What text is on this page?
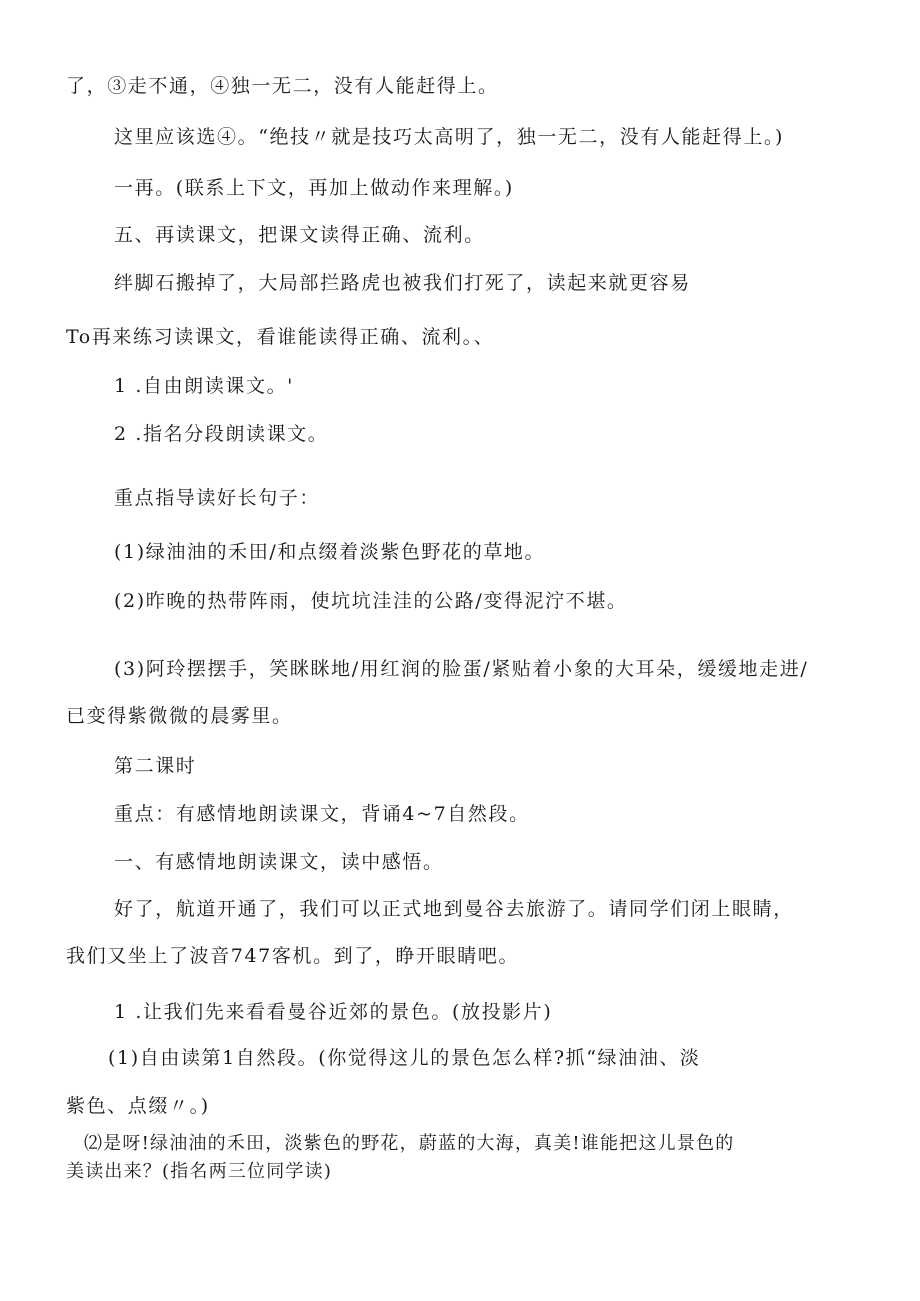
了，③走不通，④独一无二，没有人能赶得上。
这里应该选④。“绝技〃就是技巧太高明了，独一无二，没有人能赶得上。)
一再。(联系上下文，再加上做动作来理解。)
五、再读课文，把课文读得正确、流利。
绊脚石搬掉了，大局部拦路虎也被我们打死了，读起来就更容易
To再来练习读课文，看谁能读得正确、流利。、
1 .自由朗读课文。'
2 .指名分段朗读课文。
重点指导读好长句子：
(1)绿油油的禾田/和点缀着淡紫色野花的草地。
(2)昨晚的热带阵雨，使坑坑洼洼的公路/变得泥泞不堪。
(3)阿玲摆摆手，笑眯眯地/用红润的脸蛋/紧贴着小象的大耳朵，缓缓地走进/
已变得紫微微的晨雾里。
第二课时
重点：有感情地朗读课文，背诵4~7自然段。
一、有感情地朗读课文，读中感悟。
好了，航道开通了，我们可以正式地到曼谷去旅游了。请同学们闭上眼睛，
我们又坐上了波音747客机。到了，睁开眼睛吧。
1 .让我们先来看看曼谷近郊的景色。(放投影片)
(1)自由读第1自然段。(你觉得这儿的景色怎么样?抓“绿油油、淡
紫色、点缀〃。)
⑵是呀!绿油油的禾田，淡紫色的野花，蔚蓝的大海，真美!谁能把这儿景色的
美读出来？(指名两三位同学读)
